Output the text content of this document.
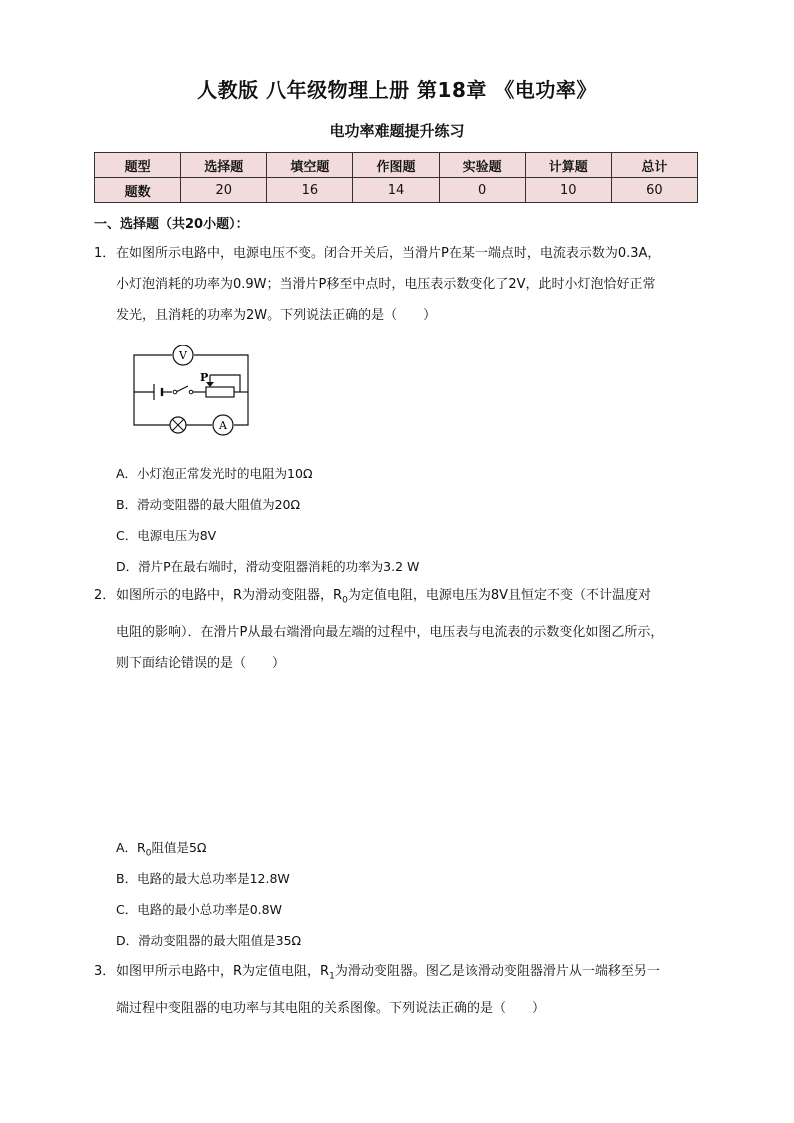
人教版 八年级物理上册 第18章 《电功率》
电功率难题提升练习
题型	选择题	填空题	作图题	实验题	计算题	总计
题数	20	16	14	0	10	60
一、选择题（共20小题）：
1．在如图所示电路中，电源电压不变。闭合开关后，当滑片P在某一端点时，电流表示数为0.3A，
小灯泡消耗的功率为0.9W；当滑片P移至中点时，电压表示数变化了2V，此时小灯泡恰好正常
发光，且消耗的功率为2W。下列说法正确的是（　　）
P
V
A
A．小灯泡正常发光时的电阻为10Ω
B．滑动变阻器的最大阻值为20Ω
C．电源电压为8V
D．滑片P在最右端时，滑动变阻器消耗的功率为3.2 W
2．如图所示的电路中，R为滑动变阻器，$R_0$为定值电阻，电源电压为8V且恒定不变（不计温度对
电阻的影响）．在滑片P从最右端滑向最左端的过程中，电压表与电流表的示数变化如图乙所示，
则下面结论错误的是（　　）
A．$R_0$阻值是5Ω
B．电路的最大总功率是12.8W
C．电路的最小总功率是0.8W
D．滑动变阻器的最大阻值是35Ω
3．如图甲所示电路中，R为定值电阻，$R_1$为滑动变阻器。图乙是该滑动变阻器滑片从一端移至另一
端过程中变阻器的电功率与其电阻的关系图像。下列说法正确的是（　　）
